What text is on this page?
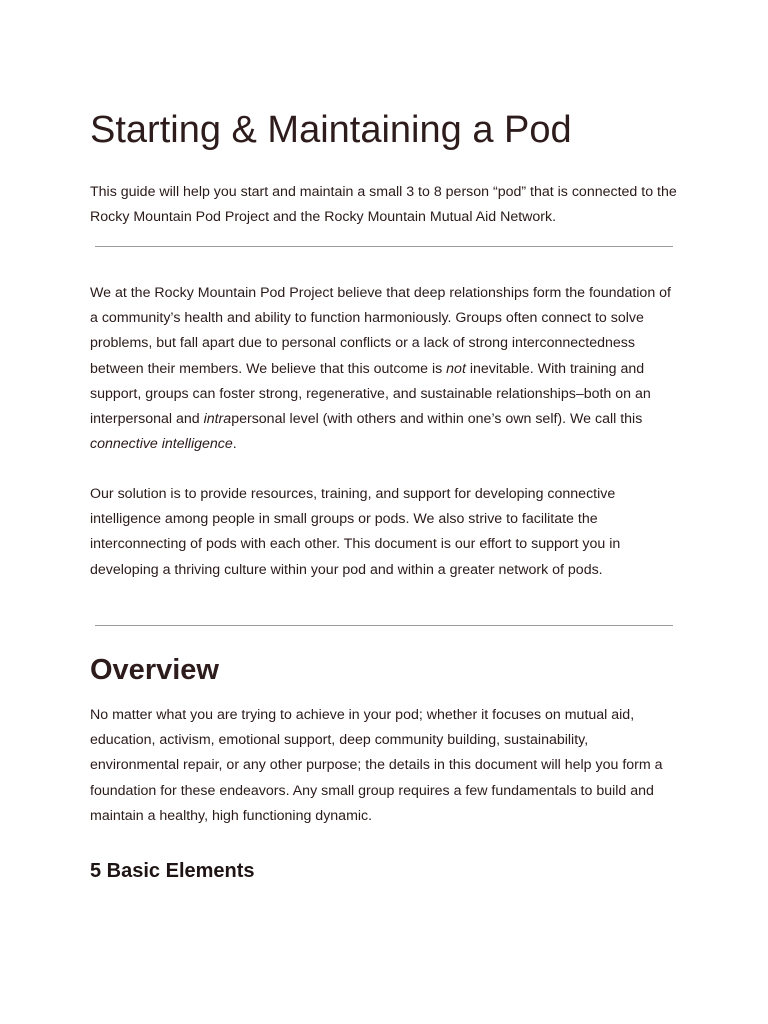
Starting & Maintaining a Pod

This guide will help you start and maintain a small 3 to 8 person “pod” that is connected to the Rocky Mountain Pod Project and the Rocky Mountain Mutual Aid Network.

We at the Rocky Mountain Pod Project believe that deep relationships form the foundation of a community’s health and ability to function harmoniously. Groups often connect to solve problems, but fall apart due to personal conflicts or a lack of strong interconnectedness between their members. We believe that this outcome is not inevitable. With training and support, groups can foster strong, regenerative, and sustainable relationships–both on an interpersonal and intrapersonal level (with others and within one’s own self). We call this connective intelligence.

Our solution is to provide resources, training, and support for developing connective intelligence among people in small groups or pods. We also strive to facilitate the interconnecting of pods with each other. This document is our effort to support you in developing a thriving culture within your pod and within a greater network of pods.

Overview

No matter what you are trying to achieve in your pod; whether it focuses on mutual aid, education, activism, emotional support, deep community building, sustainability, environmental repair, or any other purpose; the details in this document will help you form a foundation for these endeavors. Any small group requires a few fundamentals to build and maintain a healthy, high functioning dynamic.

5 Basic Elements
